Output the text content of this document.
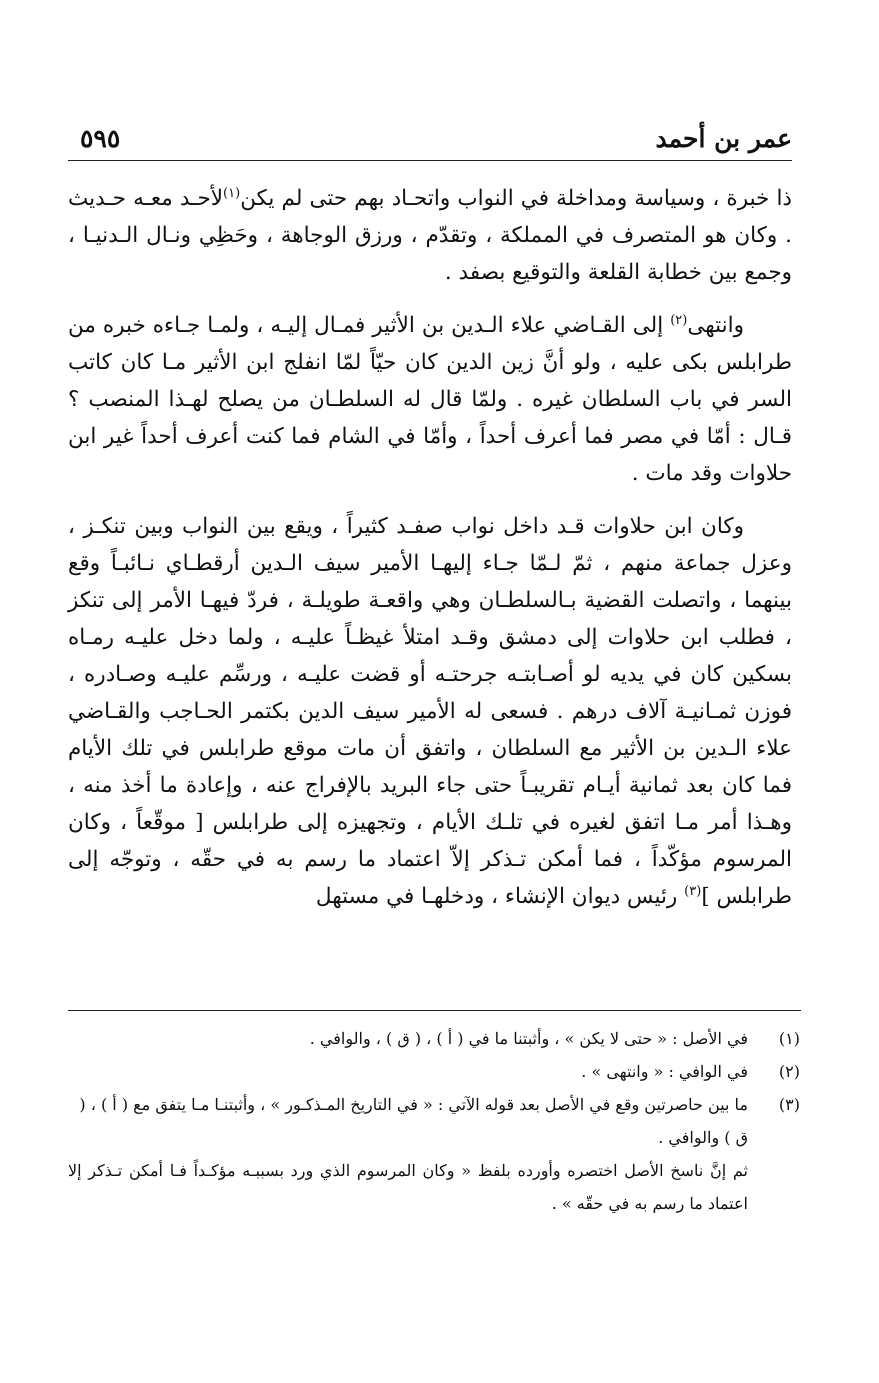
عمر بن أحمد
٥٩٥

ذا خبرة ، وسياسة ومداخلة في النواب واتحـاد بهم حتى لم يكن$^{(١)}$لأحـد معـه حـديث . وكان هو المتصرف في المملكة ، وتقدّم ، ورزق الوجاهة ، وحَظِي ونـال الـدنيـا ، وجمع بين خطابة القلعة والتوقيع بصفد .

وانتهى$^{(٢)}$ إلى القـاضي علاء الـدين بن الأثير فمـال إليـه ، ولمـا جـاءه خبره من طرابلس بكى عليه ، ولو أنَّ زين الدين كان حيّاً لمّا انفلج ابن الأثير مـا كان كاتب السر في باب السلطان غيره . ولمّا قال له السلطـان من يصلح لهـذا المنصب ؟ قـال : أمّا في مصر فما أعرف أحداً ، وأمّا في الشام فما كنت أعرف أحداً غير ابن حلاوات وقد مات .

وكان ابن حلاوات قـد داخل نواب صفـد كثيراً ، ويقع بين النواب وبين تنكـز ، وعزل جماعة منهم ، ثمّ لـمّا جـاء إليهـا الأمير سيف الـدين أرقطـاي نـائبـاً وقع بينهما ، واتصلت القضية بـالسلطـان وهي واقعـة طويلـة ، فردّ فيهـا الأمر إلى تنكز ، فطلب ابن حلاوات إلى دمشق وقـد امتلأ غيظـاً عليـه ، ولما دخل عليـه رمـاه بسكين كان في يديه لو أصـابتـه جرحتـه أو قضت عليـه ، ورسِّم عليـه وصـادره ، فوزن ثمـانيـة آلاف درهم . فسعى له الأمير سيف الدين بكتمر الحـاجب والقـاضي علاء الـدين بن الأثير مع السلطان ، واتفق أن مات موقع طرابلس في تلك الأيام فما كان بعد ثمانية أيـام تقريبـاً حتى جاء البريد بالإفراج عنه ، وإعادة ما أخذ منه ، وهـذا أمر مـا اتفق لغيره في تلـك الأيام ، وتجهيزه إلى طرابلس [ موقّعاً ، وكان المرسوم مؤكّداً ، فما أمكن تـذكر إلاّ اعتماد ما رسم به في حقّه ، وتوجّه إلى طرابلس ]$^{(٣)}$ رئيس ديوان الإنشاء ، ودخلهـا في مستهل

(١)
في الأصل : « حتى لا يكن » ، وأثبتنا ما في ( أ ) ، ( ق ) ، والوافي .
(٢)
في الوافي : « وانتهى » .
(٣)
ما بين حاصرتين وقع في الأصل بعد قوله الآتي : « في التاريخ المـذكـور » ، وأثبتنـا مـا يتفق مع ( أ ) ، ( ق ) والوافي .
ثم إنَّ ناسخ الأصل اختصره وأورده بلفظ « وكان المرسوم الذي ورد بسببـه مؤكـداً فـا أمكن تـذكر إلا اعتماد ما رسم به في حقّه » .
